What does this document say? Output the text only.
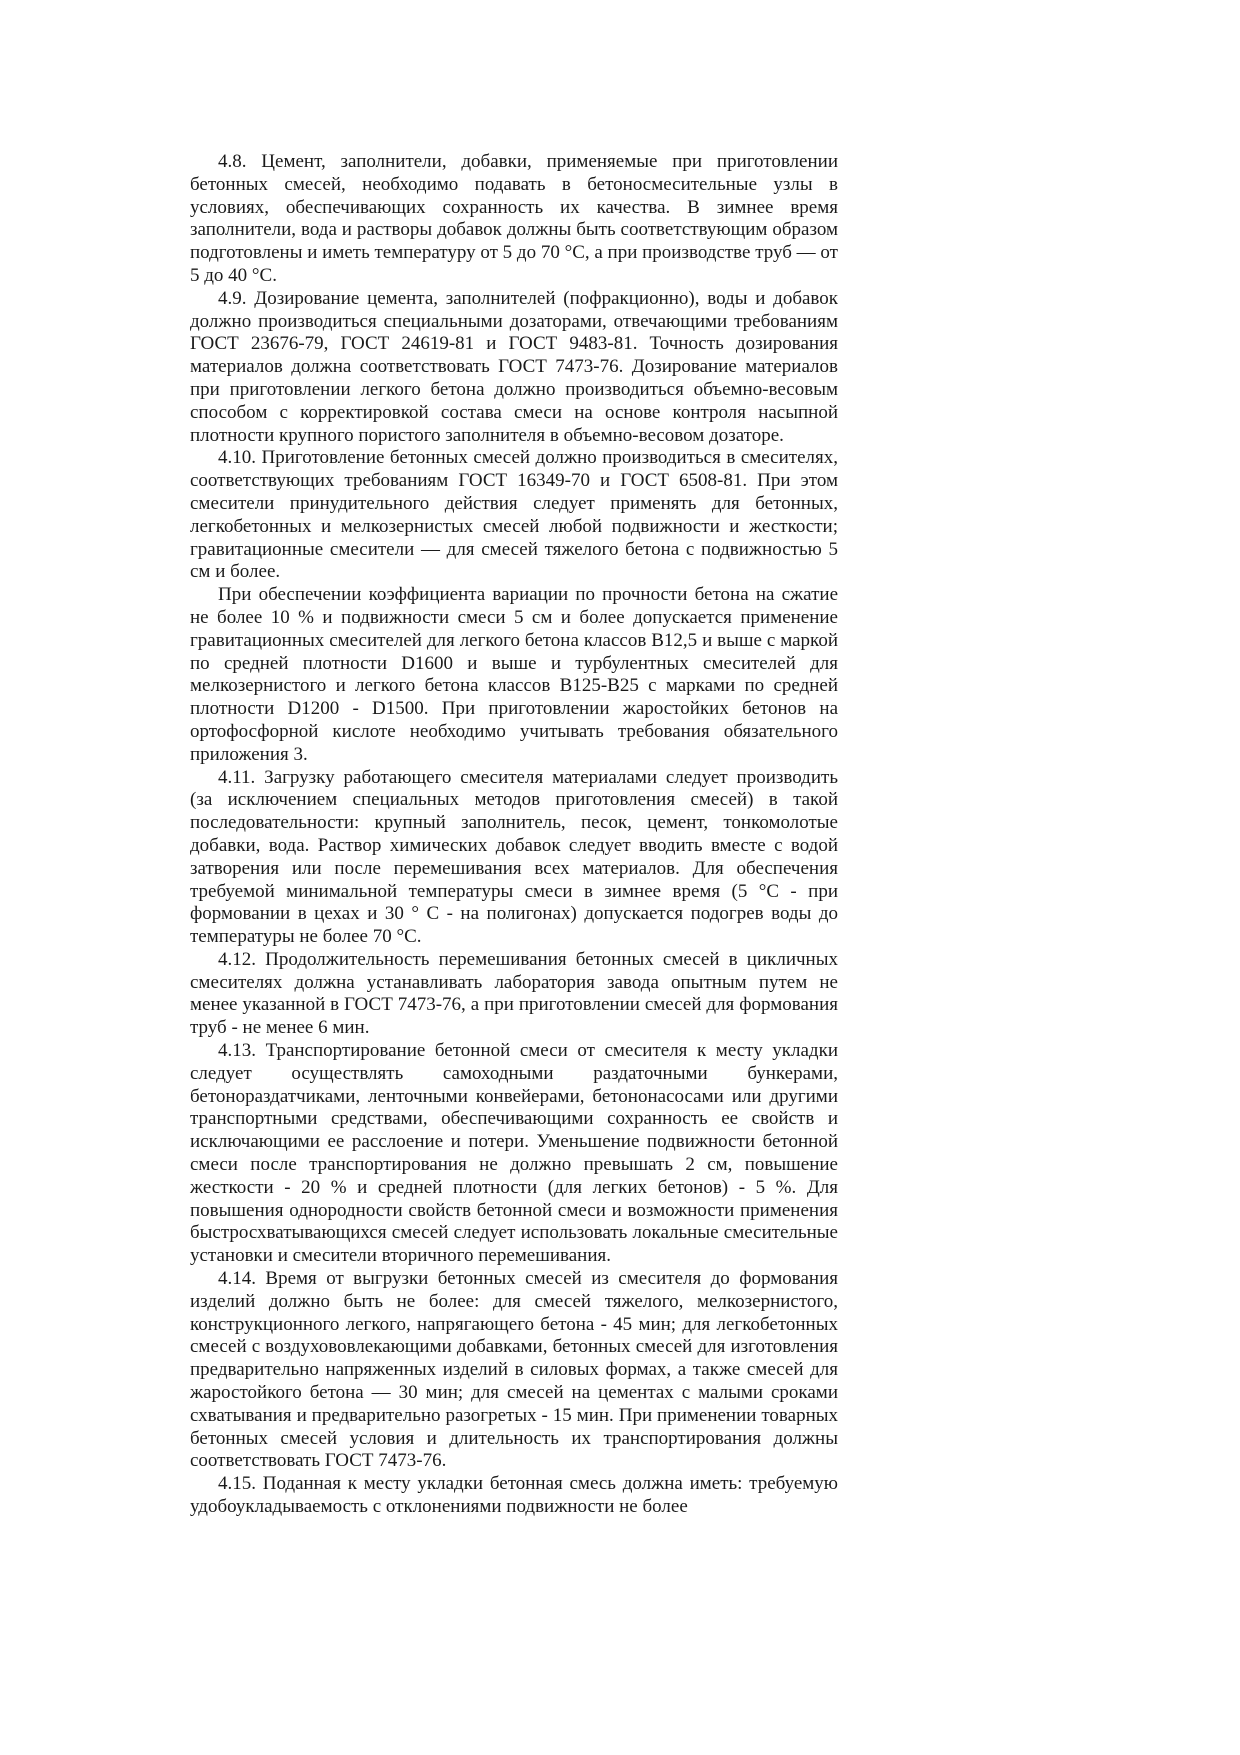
4.8. Цемент, заполнители, добавки, применяемые при приготовлении бетонных смесей, необходимо подавать в бетоносмесительные узлы в условиях, обеспечивающих сохранность их качества. В зимнее время заполнители, вода и растворы добавок должны быть соответствующим образом подготовлены и иметь температуру от 5 до 70 °С, а при производстве труб — от 5 до 40 °С.

4.9. Дозирование цемента, заполнителей (пофракционно), воды и добавок должно производиться специальными дозаторами, отвечающими требованиям ГОСТ 23676-79, ГОСТ 24619-81 и ГОСТ 9483-81. Точность дозирования материалов должна соответствовать ГОСТ 7473-76. Дозирование материалов при приготовлении легкого бетона должно производиться объемно-весовым способом с корректировкой состава смеси на основе контроля насыпной плотности крупного пористого заполнителя в объемно-весовом дозаторе.

4.10. Приготовление бетонных смесей должно производиться в смесителях, соответствующих требованиям ГОСТ 16349-70 и ГОСТ 6508-81. При этом смесители принудительного действия следует применять для бетонных, легкобетонных и мелкозернистых смесей любой подвижности и жесткости; гравитационные смесители — для смесей тяжелого бетона с подвижностью 5 см и более.

При обеспечении коэффициента вариации по прочности бетона на сжатие не более 10 % и подвижности смеси 5 см и более допускается применение гравитационных смесителей для легкого бетона классов В12,5 и выше с маркой по средней плотности D1600 и выше и турбулентных смесителей для мелкозернистого и легкого бетона классов В125-В25 с марками по средней плотности D1200 - D1500. При приготовлении жаростойких бетонов на ортофосфорной кислоте необходимо учитывать требования обязательного приложения 3.

4.11. Загрузку работающего смесителя материалами следует производить (за исключением специальных методов приготовления смесей) в такой последовательности: крупный заполнитель, песок, цемент, тонкомолотые добавки, вода. Раствор химических добавок следует вводить вместе с водой затворения или после перемешивания всех материалов. Для обеспечения требуемой минимальной температуры смеси в зимнее время (5 °С - при формовании в цехах и 30 ° С - на полигонах) допускается подогрев воды до температуры не более 70 °С.

4.12. Продолжительность перемешивания бетонных смесей в цикличных смесителях должна устанавливать лаборатория завода опытным путем не менее указанной в ГОСТ 7473-76, а при приготовлении смесей для формования труб - не менее 6 мин.

4.13. Транспортирование бетонной смеси от смесителя к месту укладки следует осуществлять самоходными раздаточными бункерами, бетонораздатчиками, ленточными конвейерами, бетононасосами или другими транспортными средствами, обеспечивающими сохранность ее свойств и исключающими ее расслоение и потери. Уменьшение подвижности бетонной смеси после транспортирования не должно превышать 2 см, повышение жесткости - 20 % и средней плотности (для легких бетонов) - 5 %. Для повышения однородности свойств бетонной смеси и возможности применения быстросхватывающихся смесей следует использовать локальные смесительные установки и смесители вторичного перемешивания.

4.14. Время от выгрузки бетонных смесей из смесителя до формования изделий должно быть не более: для смесей тяжелого, мелкозернистого, конструкционного легкого, напрягающего бетона - 45 мин; для легкобетонных смесей с воздухововлекающими добавками, бетонных смесей для изготовления предварительно напряженных изделий в силовых формах, а также смесей для жаростойкого бетона — 30 мин; для смесей на цементах с малыми сроками схватывания и предварительно разогретых - 15 мин. При применении товарных бетонных смесей условия и длительность их транспортирования должны соответствовать ГОСТ 7473-76.

4.15. Поданная к месту укладки бетонная смесь должна иметь: требуемую удобоукладываемость с отклонениями подвижности не более
